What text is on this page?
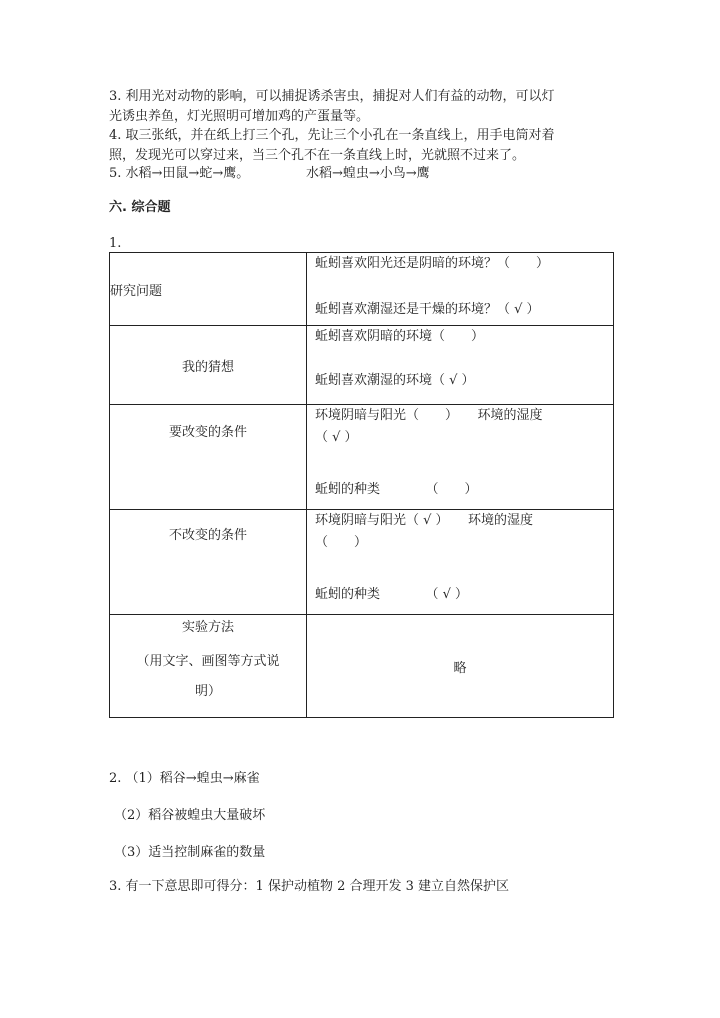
3. 利用光对动物的影响，可以捕捉诱杀害虫，捕捉对人们有益的动物，可以灯
光诱虫养鱼，灯光照明可增加鸡的产蛋量等。
4. 取三张纸，并在纸上打三个孔，先让三个小孔在一条直线上，用手电筒对着
照，发现光可以穿过来，当三个孔不在一条直线上时，光就照不过来了。
5. 水稻→田鼠→蛇→鹰。	水稻→蝗虫→小鸟→鹰
六. 综合题
1.
研究问题	蚯蚓喜欢阳光还是阴暗的环境？（　　）
蚯蚓喜欢潮湿还是干燥的环境？（ √ ）

我的猜想	蚯蚓喜欢阴暗的环境（　　）
蚯蚓喜欢潮湿的环境（ √ ）

要改变的条件	环境阴暗与阳光（　　）　　环境的湿度
（ √ ）
蚯蚓的种类　　　　（　　）

不改变的条件	环境阴暗与阳光（ √ ）　　环境的湿度
（　　）
蚯蚓的种类　　　　（ √ ）

实验方法
（用文字、画图等方式说
明）	略
2. （1）稻谷→蝗虫→麻雀
（2）稻谷被蝗虫大量破坏
（3）适当控制麻雀的数量
3. 有一下意思即可得分：1 保护动植物 2 合理开发 3 建立自然保护区
